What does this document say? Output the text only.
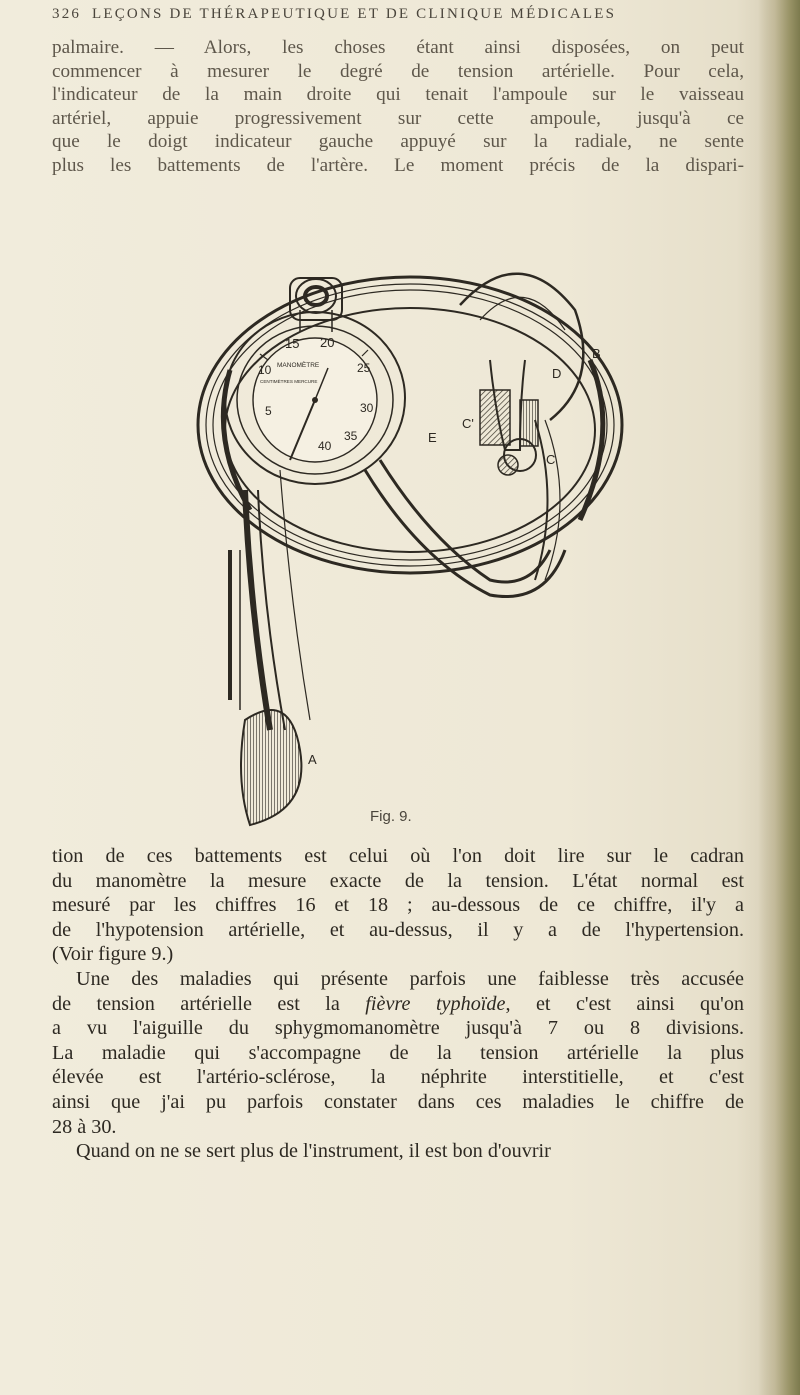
326 LEÇONS DE THÉRAPEUTIQUE ET DE CLINIQUE MÉDICALES
palmaire. — Alors, les choses étant ainsi disposées, on peut
commencer à mesurer le degré de tension artérielle. Pour cela,
l'indicateur de la main droite qui tenait l'ampoule sur le vaisseau
artériel, appuie progressivement sur cette ampoule, jusqu'à ce
que le doigt indicateur gauche appuyé sur la radiale, ne sente
plus les battements de l'artère. Le moment précis de la dispari-
10
15 20
25
30
35
40
5
MANOMÈTRE
CENTIMÈTRES MERCURE
B
D
C'
E
C
A
Fig. 9.
tion de ces battements est celui où l'on doit lire sur le cadran
du manomètre la mesure exacte de la tension. L'état normal est
mesuré par les chiffres 16 et 18 ; au-dessous de ce chiffre, il'y a
de l'hypotension artérielle, et au-dessus, il y a de l'hypertension.
(Voir figure 9.)
Une des maladies qui présente parfois une faiblesse très accusée
de tension artérielle est la fièvre typhoïde, et c'est ainsi qu'on
a vu l'aiguille du sphygmomanomètre jusqu'à 7 ou 8 divisions.
La maladie qui s'accompagne de la tension artérielle la plus
élevée est l'artério-sclérose, la néphrite interstitielle, et c'est
ainsi que j'ai pu parfois constater dans ces maladies le chiffre de
28 à 30.
Quand on ne se sert plus de l'instrument, il est bon d'ouvrir
